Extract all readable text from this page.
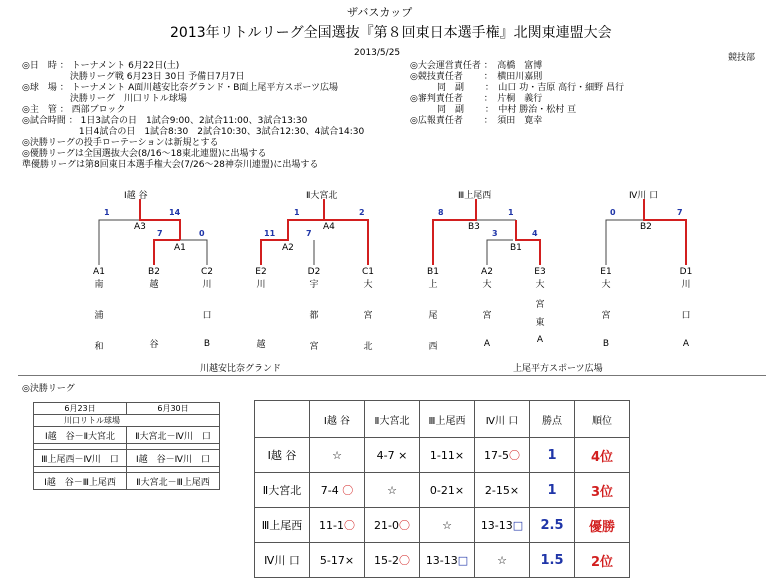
ザバスカップ
2013年リトルリーグ全国選抜『第８回東日本選手権』北関東連盟大会
2013/5/25	競技部
◎日　時 ： トーナメント 6月22日(土)
　　　　　 決勝リーグ戦 6月23日 30日 予備日7月7日
◎球　場 ： トーナメント A面川越安比奈グランド・B面上尾平方スポーツ広場
　　　　　 決勝リーグ　川口リトル球場
◎主　管 ： 西部ブロック
◎試合時間 ： 1日3試合の日　1試合9:00、2試合11:00、3試合13:30
　　　　　　 1日4試合の日　1試合8:30　2試合10:30、3試合12:30、4試合14:30
◎決勝リーグの投手ローテーションは新規とする
◎優勝リーグは全国選抜大会(8/16～18東北連盟)に出場する
準優勝リーグは第8回東日本選手権大会(7/26～28神奈川連盟)に出場する
◎大会運営責任者 ：　高橋　富博
◎競技責任者　　 ：　横田川嘉則
　　　同　副　　 ：　山口 功・吉原 高行・細野 昌行
◎審判責任者　　 ：　片桐　義行
　　　同　副　　 ：　中村 勝治・松村 亘
◎広報責任者　　 ：　須田　寛幸
Ⅰ越 谷	Ⅱ大宮北	Ⅲ上尾西	Ⅳ川 口
A3
A1
A4
A2
B3
B1
B2
1	14
7	0
1	2
11	7
8	1
3	4
0	7
A1
南
浦
和
B2
越
谷
C2
川
口
B
E2
川
越
D2
宇
都
宮
C1
大
宮
北
B1
上
尾
西
A2
大
宮
A
E3
大
宮
東
A
E1
大
宮
B
D1
川
口
A
川越安比奈グランド	上尾平方スポーツ広場
◎決勝リーグ
6月23日	6月30日
川口リトル球場	
Ⅰ越　谷－Ⅱ大宮北	Ⅱ大宮北－Ⅳ川　口

Ⅲ上尾西－Ⅳ川　口	Ⅰ越　谷－Ⅳ川　口

Ⅰ越　谷－Ⅲ上尾西	Ⅱ大宮北－Ⅲ上尾西
	Ⅰ越 谷	Ⅱ大宮北	Ⅲ上尾西	Ⅳ川 口	勝点	順位
Ⅰ越 谷	☆	4-7 ×	1-11×	17-5〇	1	4位
Ⅱ大宮北	7-4 〇	☆	0-21×	2-15×	1	3位
Ⅲ上尾西	11-1〇	21-0〇	☆	13-13□	2.5	優勝
Ⅳ川 口	5-17×	15-2〇	13-13□	☆	1.5	2位
